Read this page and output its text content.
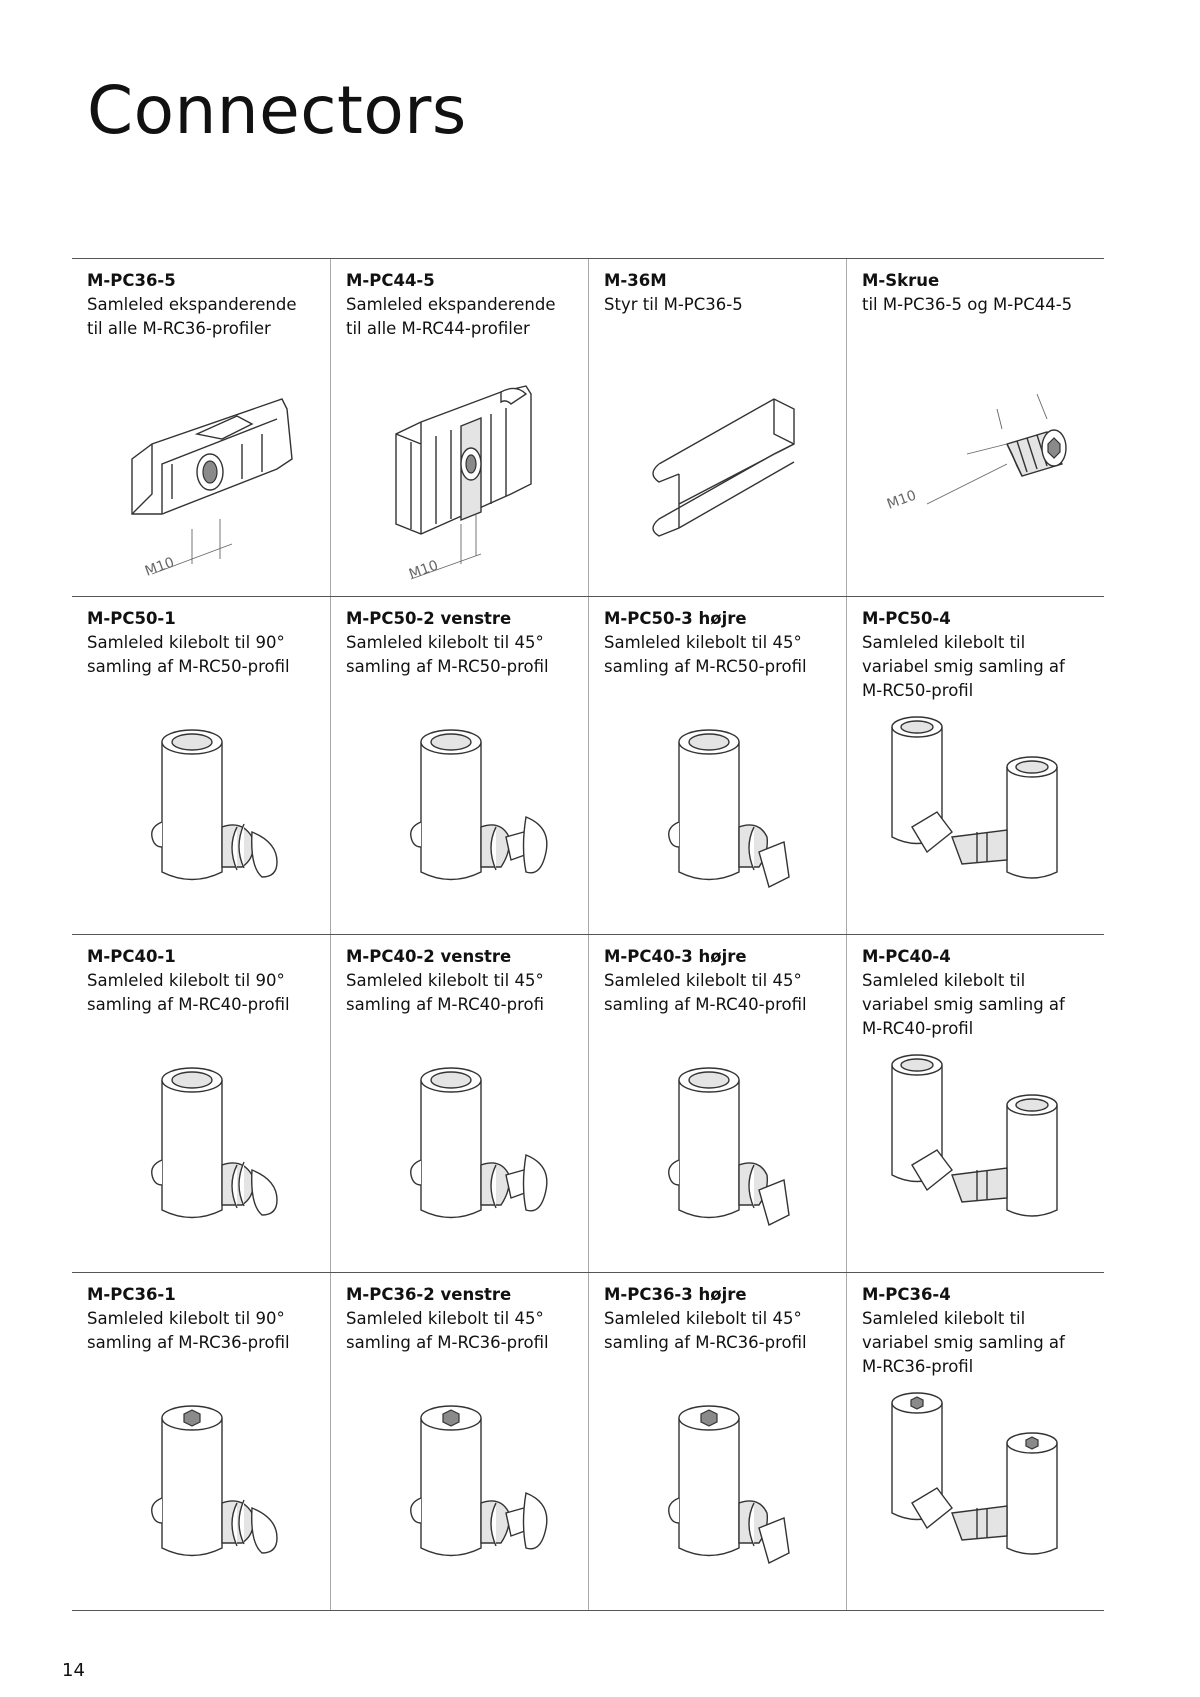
Connectors
M-PC36-5
Samleled ekspanderende
til alle M-RC36-profiler
M10
M-PC44-5
Samleled ekspanderende
til alle M-RC44-profiler
M10
M-36M
Styr til M-PC36-5
M-Skrue
til M-PC36-5 og M-PC44-5
M10
M-PC50-1
Samleled kilebolt til 90°
samling af M-RC50-profil
M-PC50-2 venstre
Samleled kilebolt til 45°
samling af M-RC50-profil
M-PC50-3 højre
Samleled kilebolt til 45°
samling af M-RC50-profil
M-PC50-4
Samleled kilebolt til
variabel smig samling af
M-RC50-profil
M-PC40-1
Samleled kilebolt til 90°
samling af M-RC40-profil
M-PC40-2 venstre
Samleled kilebolt til 45°
samling af M-RC40-profi
M-PC40-3 højre
Samleled kilebolt til 45°
samling af M-RC40-profil
M-PC40-4
Samleled kilebolt til
variabel smig samling af
M-RC40-profil
M-PC36-1
Samleled kilebolt til 90°
samling af M-RC36-profil
M-PC36-2 venstre
Samleled kilebolt til 45°
samling af M-RC36-profil
M-PC36-3 højre
Samleled kilebolt til 45°
samling af M-RC36-profil
M-PC36-4
Samleled kilebolt til
variabel smig samling af
M-RC36-profil
14
